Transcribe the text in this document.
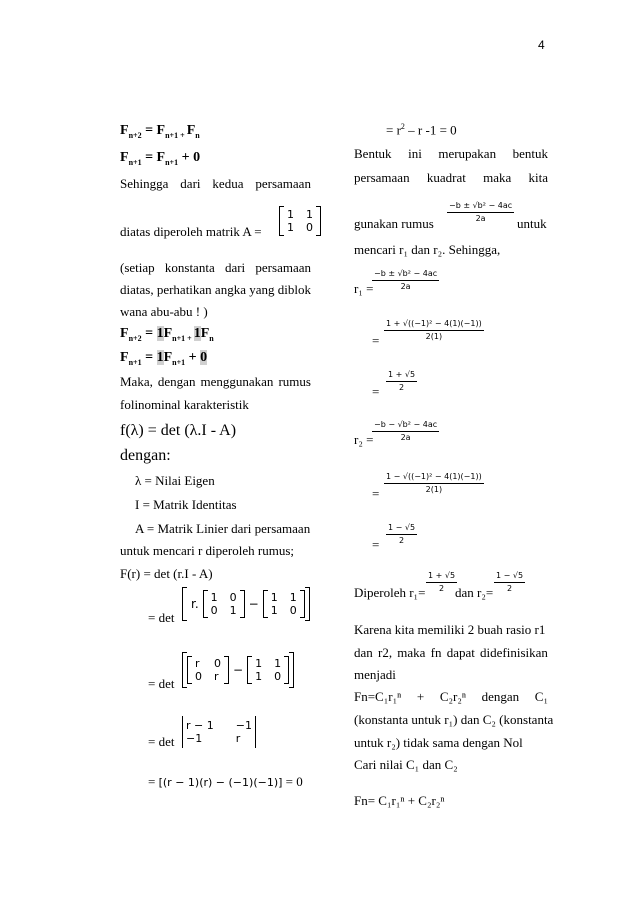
4
$F_{n+2} = F_{n+1 +}$ $F_n$
$F_{n+1} = F_{n+1} + 0$
Sehingga dari kedua persamaan
diatas diperoleh matrik A =
1 1
1 0
(setiap konstanta dari persamaan
diatas, perhatikan angka yang diblok
wana abu-abu ! )
$F_{n+2} = 1F_{n+1 +}$ $1F_n$
$F_{n+1} = 1F_{n+1} + 0$
Maka, dengan menggunakan rumus
folinominal karakteristik
f(λ) = det (λ.I - A)
dengan:
λ = Nilai Eigen
I = Matrik Identitas
A = Matrik Linier dari persamaan
untuk mencari r diperoleh rumus;
F(r) = det (r.I - A)
= det
r. 1 0
0 1 − 1 1
1 0
= det
r 0
0 r − 1 1
1 0
= det
r − 1 −1
−1	r
= [(r − 1)(r) − (−1)(−1)] = 0
= $r^2$ – r -1 = 0
Bentuk ini merupakan bentuk
persamaan kuadrat maka kita
gunakan rumus $\frac{\text{−b ± √b² − 4ac}}{2a}$ untuk
mencari r₁ dan r₂. Sehingga,
r₁ =
$\frac{\text{−b ± √b² − 4ac}}{2a}$
= $\frac{\text{1 + √((−1)² − 4(1)(−1))}}{2(1)}$
= $\frac{1 + √5}{2}$
r₂ =
$\frac{\text{−b − √b² − 4ac}}{2a}$
= $\frac{\text{1 − √((−1)² − 4(1)(−1))}}{2(1)}$
= $\frac{1 - √5}{2}$
Diperoleh $r_1= \frac{1 + √5}{2}$
dan $r_2= \frac{1 - √5}{2}$
Karena kita memiliki 2 buah rasio r1
dan r2, maka fn dapat didefinisikan
menjadi
Fn=C₁r₁ⁿ + C₂r₂ⁿ dengan C₁
(konstanta untuk r₁) dan C₂ (konstanta
untuk r₂) tidak sama dengan Nol
Cari nilai C₁ dan C₂
Fn= C₁r₁ⁿ + C₂r₂ⁿ
